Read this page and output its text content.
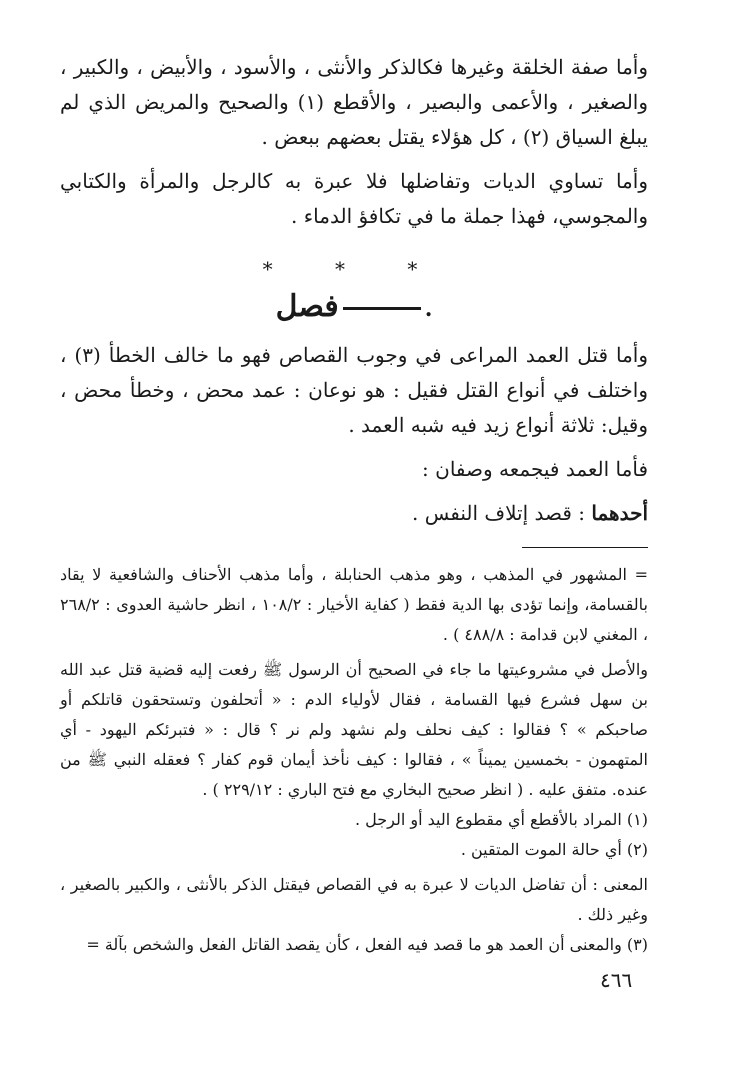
وأما صفة الخلقة وغيرها فكالذكر والأنثى ، والأسود ، والأبيض ، والكبير ، والصغير ، والأعمى والبصير ، والأقطع (١) والصحيح والمريض الذي لم يبلغ السياق (٢) ، كل هؤلاء يقتل بعضهم ببعض .

وأما تساوي الديات وتفاضلها فلا عبرة به كالرجل والمرأة والكتابي والمجوسي، فهذا جملة ما في تكافؤ الدماء .

* * *
.فصل

وأما قتل العمد المراعى في وجوب القصاص فهو ما خالف الخطأ (٣) ، واختلف في أنواع القتل فقيل : هو نوعان : عمد محض ، وخطأ محض ، وقيل: ثلاثة أنواع زيد فيه شبه العمد .

فأما العمد فيجمعه وصفان :

أحدهما : قصد إتلاف النفس .

= المشهور في المذهب ، وهو مذهب الحنابلة ، وأما مذهب الأحناف والشافعية لا يقاد بالقسامة، وإنما تؤدى بها الدية فقط ( كفاية الأخيار : ١٠٨/٢ ، انظر حاشية العدوى : ٢٦٨/٢ ، المغني لابن قدامة : ٤٨٨/٨ ) .

والأصل في مشروعيتها ما جاء في الصحيح أن الرسول ﷺ رفعت إليه قضية قتل عبد الله بن سهل فشرع فيها القسامة ، فقال لأولياء الدم : « أتحلفون وتستحقون قاتلكم أو صاحبكم » ؟ فقالوا : كيف نحلف ولم نشهد ولم نر ؟ قال : « فتبرئكم اليهود - أي المتهمون - بخمسين يميناً » ، فقالوا : كيف نأخذ أيمان قوم كفار ؟ فعقله النبي ﷺ من عنده. متفق عليه . ( انظر صحيح البخاري مع فتح الباري : ٢٢٩/١٢ ) .

(١) المراد بالأقطع أي مقطوع اليد أو الرجل .

(٢) أي حالة الموت المتقين .

المعنى : أن تفاضل الديات لا عبرة به في القصاص فيقتل الذكر بالأنثى ، والكبير بالصغير ، وغير ذلك .

(٣) والمعنى أن العمد هو ما قصد فيه الفعل ، كأن يقصد القاتل الفعل والشخص بآلة =

٤٦٦
